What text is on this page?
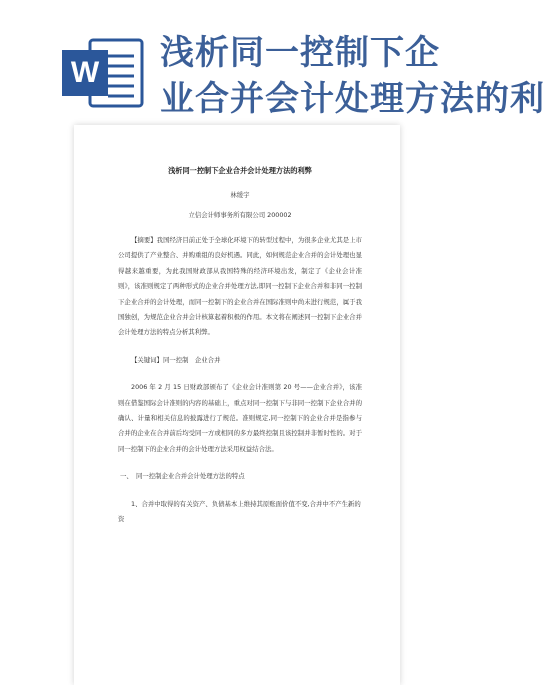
W 浅析同一控制下企
业合并会计处理方法的利

浅析同一控制下企业合并会计处理方法的利弊

林缓宇

立信会计师事务所有限公司 200002

【摘要】我国经济目前正处于全球化环境下的转型过程中，为很多企业尤其是上市公司提供了产业整合、并购重组的良好机遇。同此，如何规范企业合并的会计处理也显得越来越重要，为此我国财政部从我国特殊的经济环境出发，制定了《企业会计准则》，该准则规定了两种形式的企业合并处理方法,即同一控制下企业合并和非同一控制下企业合并的会计处理，而同一控制下的企业合并在国际准则中尚未进行规范，属于我国独创，为规范企业合并会计核算起着积极的作用。本文将在阐述同一控制下企业合并会计处理方法的特点分析其利弊。

【关键词】同一控制　企业合并

2006 年 2 月 15 日财政部颁布了《企业会计准则第 20 号——企业合并》，该准则在借鉴国际会计准则的内容的基础上，重点对同一控制下与非同一控制下企业合并的确认、计量和相关信息的披露进行了规范。准则规定,同一控制下的企业合并是指参与合并的企业在合并前后均受同一方或相同的多方最终控制且该控制并非暂时性的。对于同一控制下的企业合并的会计处理方法采用权益结合法。

一、　同一控制企业合并会计处理方法的特点

1、合并中取得的有关资产、负债基本上维持其原账面价值不变,合并中不产生新的资
